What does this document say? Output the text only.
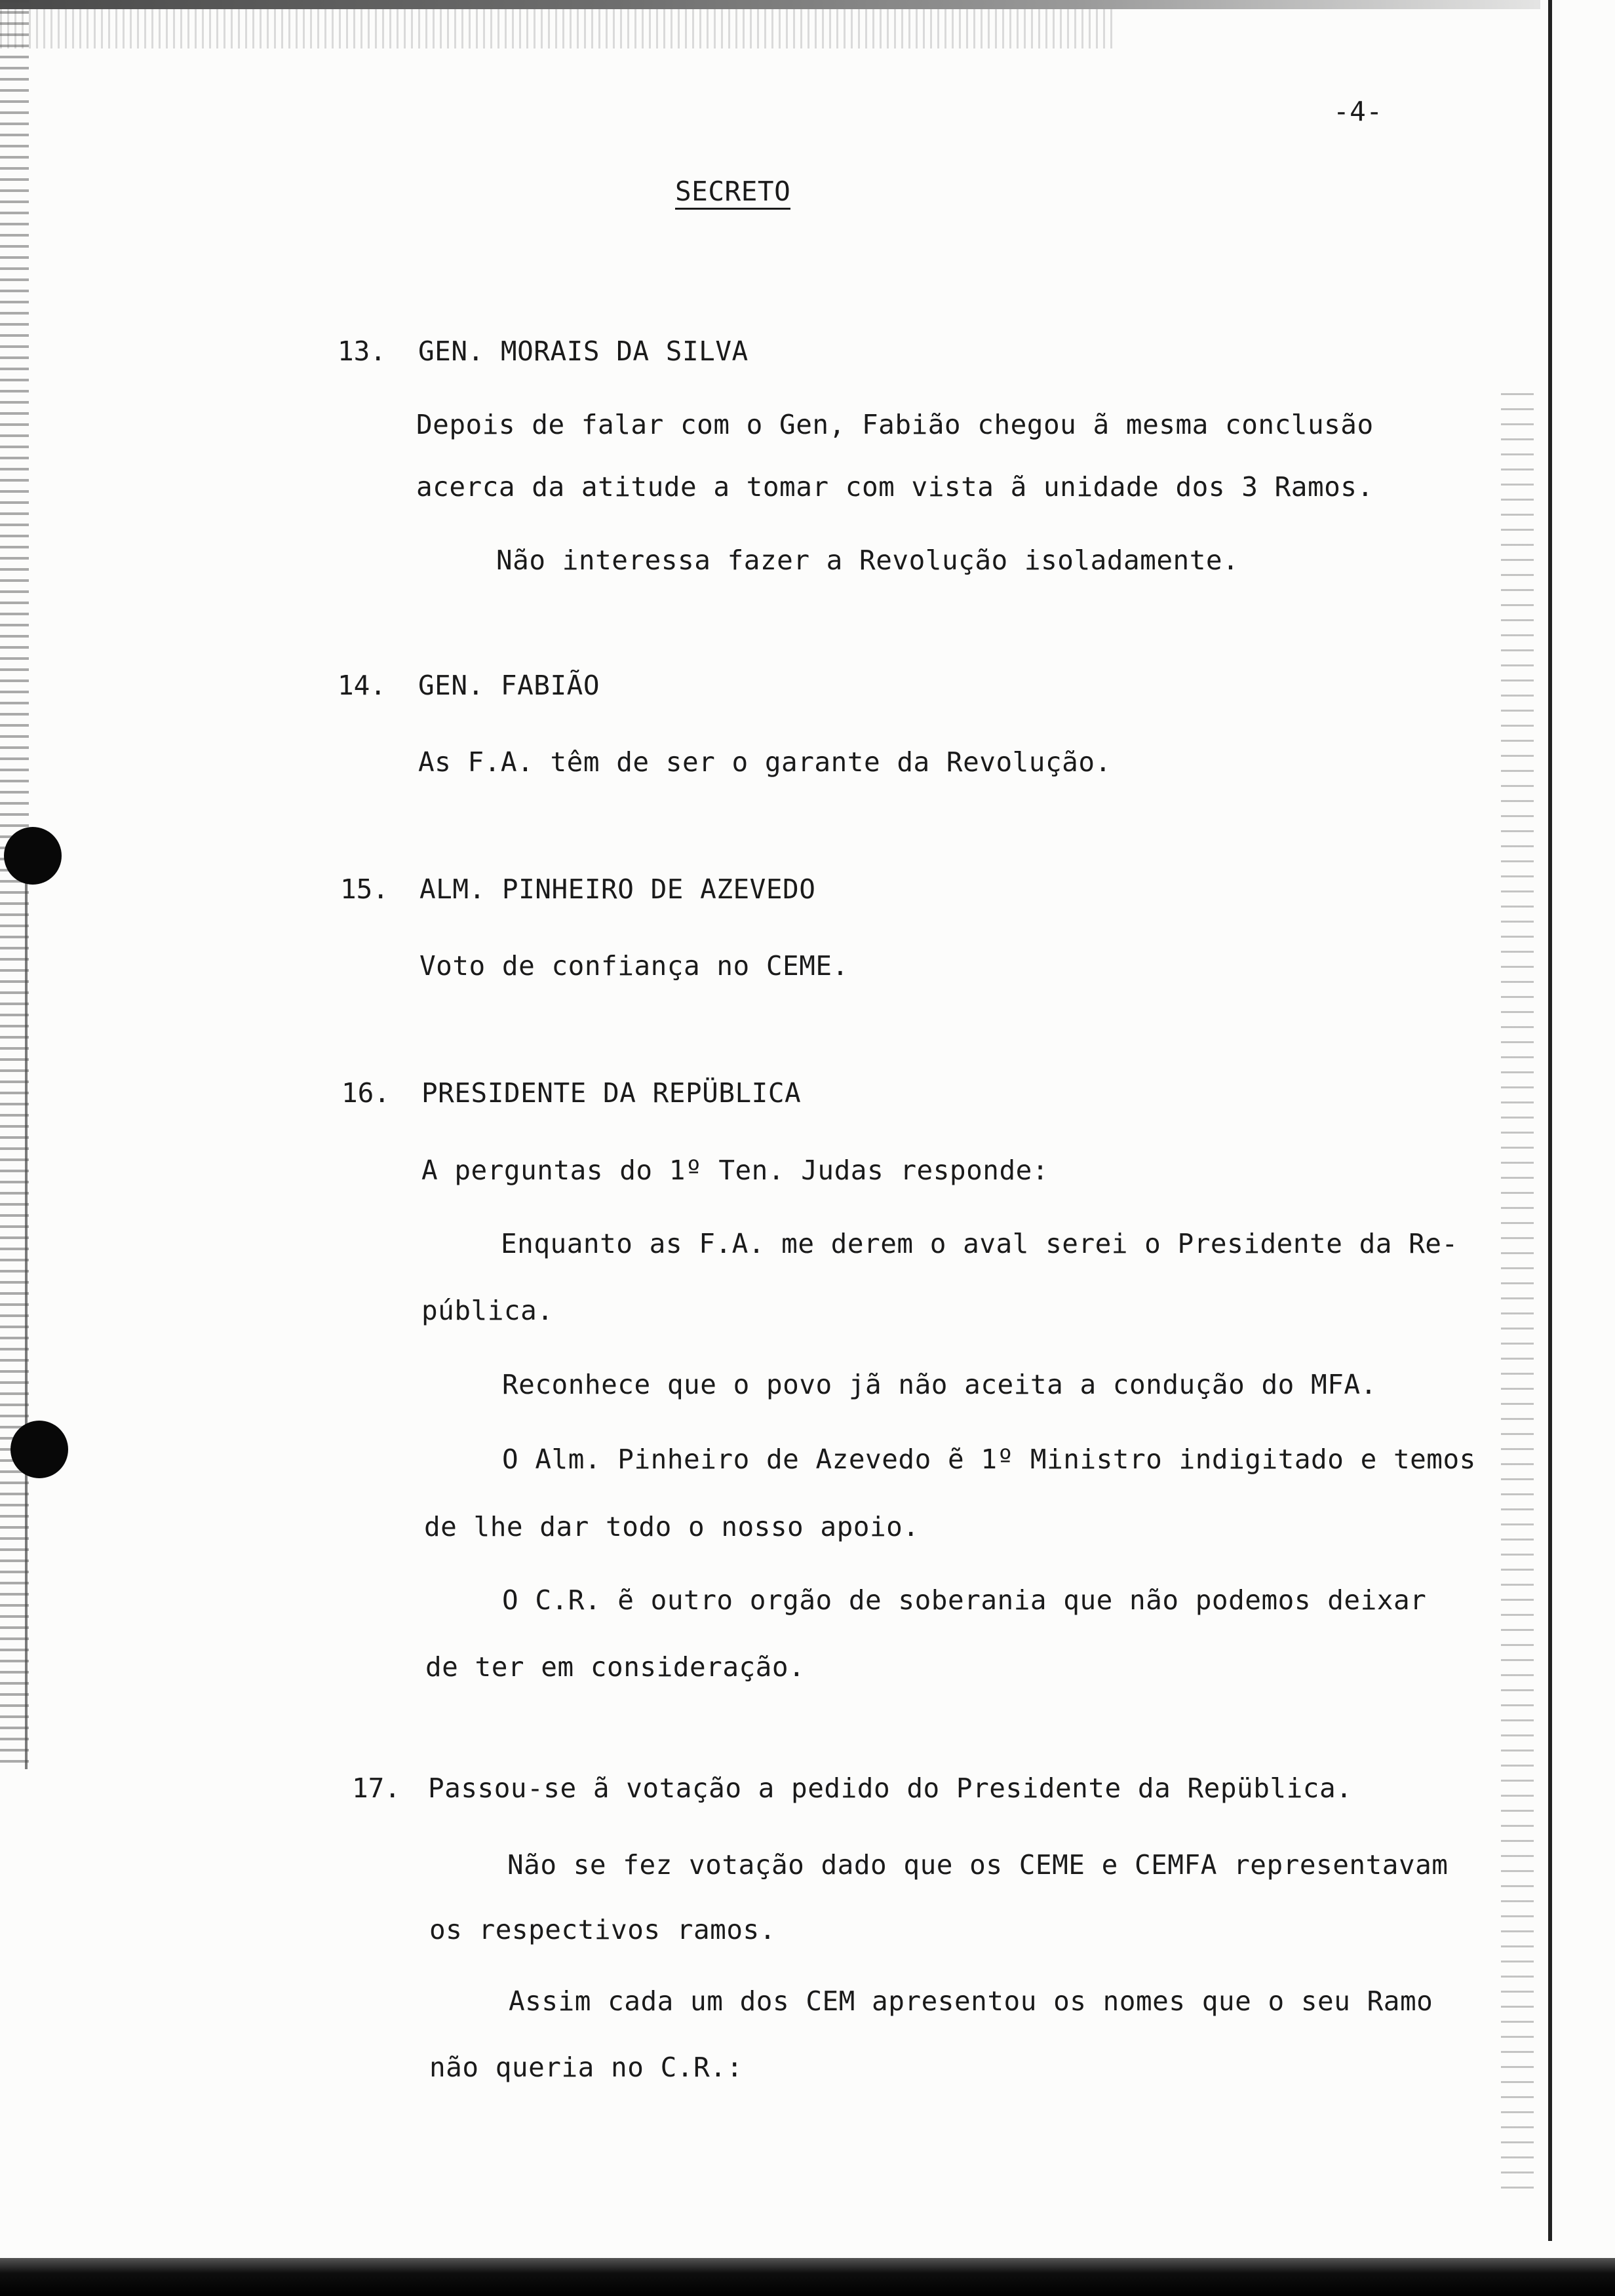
-4-
SECRETO
13. GEN. MORAIS DA SILVA
Depois de falar com o Gen, Fabião chegou ã mesma conclusão
acerca da atitude a tomar com vista ã unidade dos 3 Ramos.
Não interessa fazer a Revolução isoladamente.
14. GEN. FABIÃO
As F.A. têm de ser o garante da Revolução.
15. ALM. PINHEIRO DE AZEVEDO
Voto de confiança no CEME.
16. PRESIDENTE DA REPÜBLICA
A perguntas do 1º Ten. Judas responde:
Enquanto as F.A. me derem o aval serei o Presidente da Re-
pública.
Reconhece que o povo jã não aceita a condução do MFA.
O Alm. Pinheiro de Azevedo ẽ 1º Ministro indigitado e temos
de lhe dar todo o nosso apoio.
O C.R. ẽ outro orgão de soberania que não podemos deixar
de ter em consideração.
17. Passou-se ã votação a pedido do Presidente da Repüblica.
Não se fez votação dado que os CEME e CEMFA representavam
os respectivos ramos.
Assim cada um dos CEM apresentou os nomes que o seu Ramo
não queria no C.R.:
